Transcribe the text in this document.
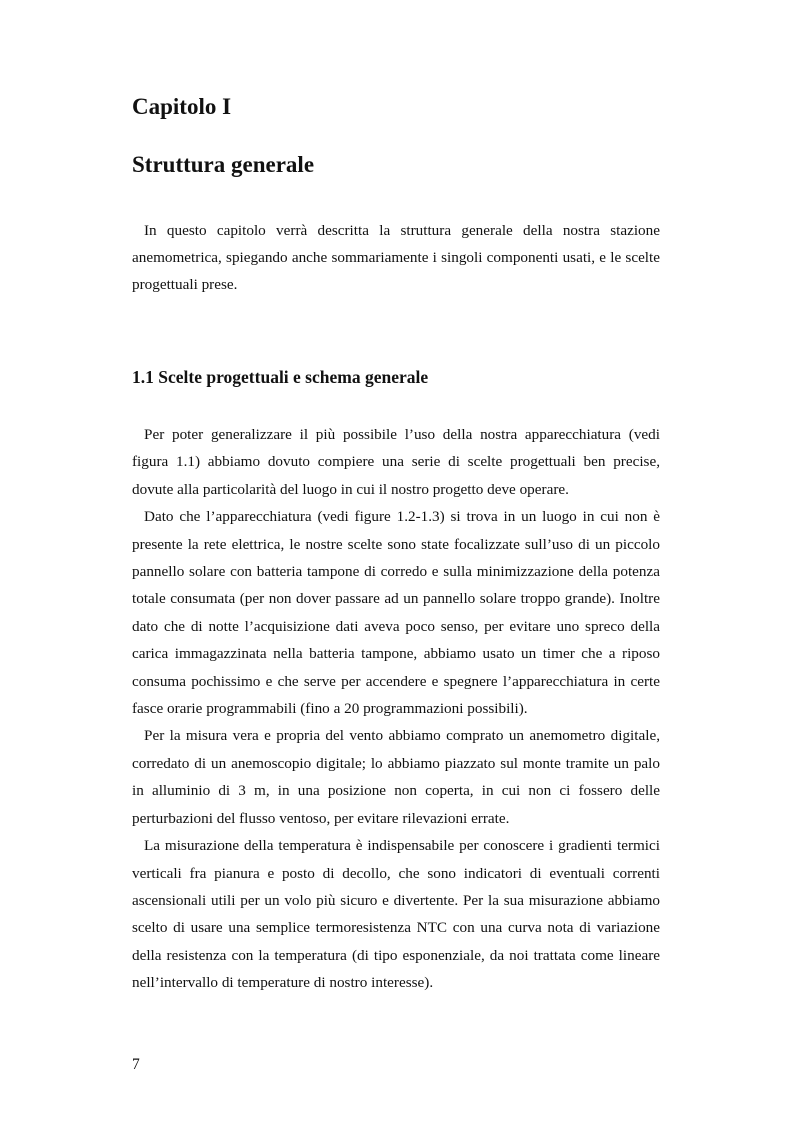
Capitolo I
Struttura generale

In questo capitolo verrà descritta la struttura generale della nostra stazione anemometrica, spiegando anche sommariamente i singoli componenti usati, e le scelte progettuali prese.

1.1 Scelte progettuali e schema generale

Per poter generalizzare il più possibile l’uso della nostra apparecchiatura (vedi figura 1.1) abbiamo dovuto compiere una serie di scelte progettuali ben precise, dovute alla particolarità del luogo in cui il nostro progetto deve operare.

Dato che l’apparecchiatura (vedi figure 1.2-1.3) si trova in un luogo in cui non è presente la rete elettrica, le nostre scelte sono state focalizzate sull’uso di un piccolo pannello solare con batteria tampone di corredo e sulla minimizzazione della potenza totale consumata (per non dover passare ad un pannello solare troppo grande). Inoltre dato che di notte l’acquisizione dati aveva poco senso, per evitare uno spreco della carica immagazzinata nella batteria tampone, abbiamo usato un timer che a riposo consuma pochissimo e che serve per accendere e spegnere l’apparecchiatura in certe fasce orarie programmabili (fino a 20 programmazioni possibili).

Per la misura vera e propria del vento abbiamo comprato un anemometro digitale, corredato di un anemoscopio digitale; lo abbiamo piazzato sul monte tramite un palo in alluminio di 3 m, in una posizione non coperta, in cui non ci fossero delle perturbazioni del flusso ventoso, per evitare rilevazioni errate.

La misurazione della temperatura è indispensabile per conoscere i gradienti termici verticali fra pianura e posto di decollo, che sono indicatori di eventuali correnti ascensionali utili per un volo più sicuro e divertente. Per la sua misurazione abbiamo scelto di usare una semplice termoresistenza NTC con una curva nota di variazione della resistenza con la temperatura (di tipo esponenziale, da noi trattata come lineare nell’intervallo di temperature di nostro interesse).

7
